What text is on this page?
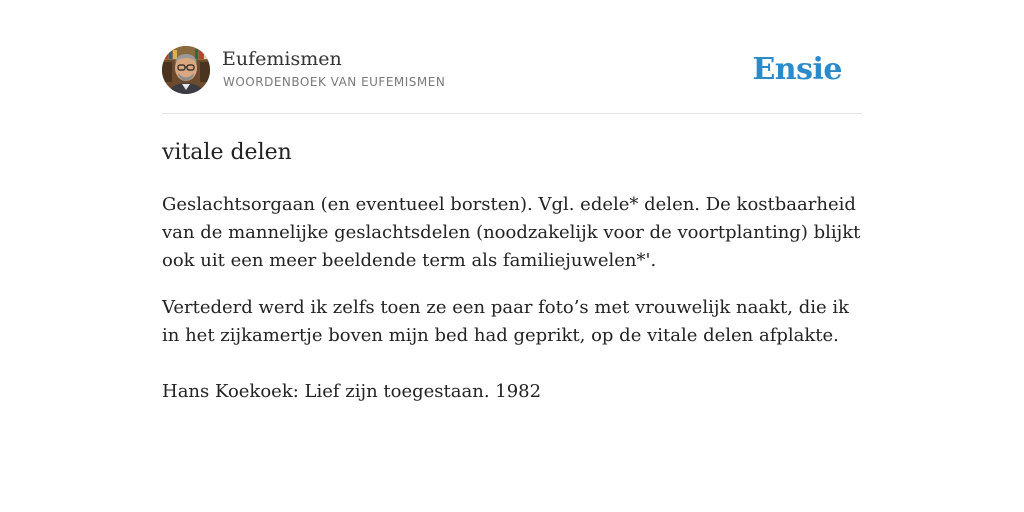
Eufemismen
WOORDENBOEK VAN EUFEMISMEN	Ensie
vitale delen

Geslachtsorgaan (en eventueel borsten). Vgl. edele* delen. De kostbaarheid van de mannelijke geslachtsdelen (noodzakelijk voor de voortplanting) blijkt ook uit een meer beeldende term als familiejuwelen*'.

Vertederd werd ik zelfs toen ze een paar foto’s met vrouwelijk naakt, die ik in het zijkamertje boven mijn bed had geprikt, op de vitale delen afplakte.

Hans Koekoek: Lief zijn toegestaan. 1982
